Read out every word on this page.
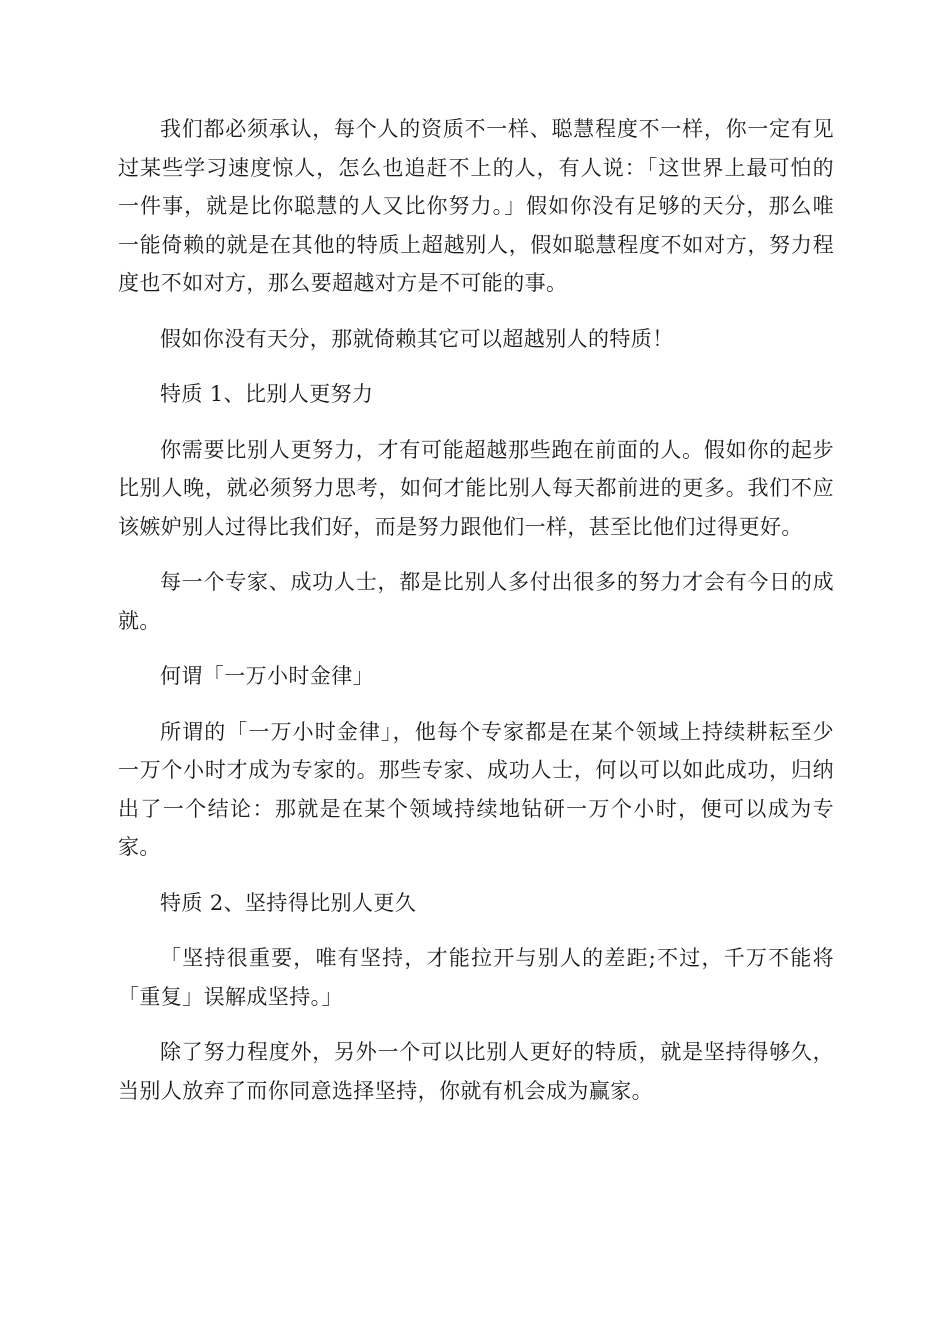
我们都必须承认，每个人的资质不一样、聪慧程度不一样，你一定有见过某些学习速度惊人，怎么也追赶不上的人，有人说：「这世界上最可怕的一件事，就是比你聪慧的人又比你努力。」假如你没有足够的天分，那么唯一能倚赖的就是在其他的特质上超越别人，假如聪慧程度不如对方，努力程度也不如对方，那么要超越对方是不可能的事。

假如你没有天分，那就倚赖其它可以超越别人的特质！

特质 1、比别人更努力

你需要比别人更努力，才有可能超越那些跑在前面的人。假如你的起步比别人晚，就必须努力思考，如何才能比别人每天都前进的更多。我们不应该嫉妒别人过得比我们好，而是努力跟他们一样，甚至比他们过得更好。

每一个专家、成功人士，都是比别人多付出很多的努力才会有今日的成就。

何谓「一万小时金律」

所谓的「一万小时金律」，他每个专家都是在某个领域上持续耕耘至少一万个小时才成为专家的。那些专家、成功人士，何以可以如此成功，归纳出了一个结论：那就是在某个领域持续地钻研一万个小时，便可以成为专家。

特质 2、坚持得比别人更久

「坚持很重要，唯有坚持，才能拉开与别人的差距;不过，千万不能将「重复」误解成坚持。」

除了努力程度外，另外一个可以比别人更好的特质，就是坚持得够久，当别人放弃了而你同意选择坚持，你就有机会成为赢家。
